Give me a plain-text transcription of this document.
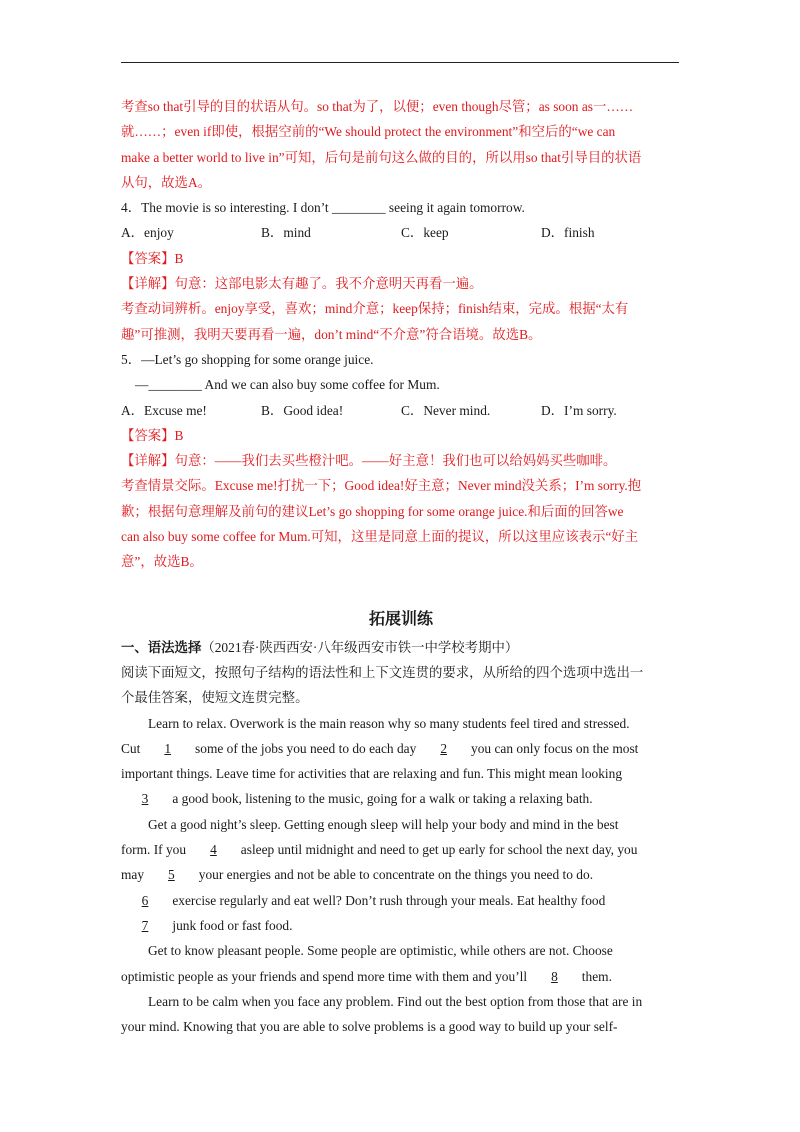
考查so that引导的目的状语从句。so that为了，以便；even though尽管；as soon as一……
就……；even if即使，根据空前的“We should protect the environment”和空后的“we can
make a better world to live in”可知，后句是前句这么做的目的，所以用so that引导目的状语
从句，故选A。
4．The movie is so interesting. I don’t ________ seeing it again tomorrow.
A．enjoy	B．mind	C．keep	D．finish
【答案】B
【详解】句意：这部电影太有趣了。我不介意明天再看一遍。
考查动词辨析。enjoy享受，喜欢；mind介意；keep保持；finish结束，完成。根据“太有
趣”可推测，我明天要再看一遍，don’t mind“不介意”符合语境。故选B。
5．—Let’s go shopping for some orange juice.
—________ And we can also buy some coffee for Mum.
A．Excuse me!	B．Good idea!	C．Never mind.	D．I’m sorry.
【答案】B
【详解】句意：——我们去买些橙汁吧。——好主意！我们也可以给妈妈买些咖啡。
考查情景交际。Excuse me!打扰一下；Good idea!好主意；Never mind没关系；I’m sorry.抱
歉；根据句意理解及前句的建议Let’s go shopping for some orange juice.和后面的回答we
can also buy some coffee for Mum.可知，这里是同意上面的提议，所以这里应该表示“好主
意”，故选B。
拓展训练
一、语法选择（2021春·陕西西安·八年级西安市铁一中学校考期中）
阅读下面短文，按照句子结构的语法性和上下文连贯的要求，从所给的四个选项中选出一
个最佳答案，使短文连贯完整。
Learn to relax. Overwork is the main reason why so many students feel tired and stressed.
Cut 1 some of the jobs you need to do each day 2 you can only focus on the most
important things. Leave time for activities that are relaxing and fun. This might mean looking
3 a good book, listening to the music, going for a walk or taking a relaxing bath.
Get a good night’s sleep. Getting enough sleep will help your body and mind in the best
form. If you 4 asleep until midnight and need to get up early for school the next day, you
may 5 your energies and not be able to concentrate on the things you need to do.
6 exercise regularly and eat well? Don’t rush through your meals. Eat healthy food
7 junk food or fast food.
Get to know pleasant people. Some people are optimistic, while others are not. Choose
optimistic people as your friends and spend more time with them and you’ll 8 them.
Learn to be calm when you face any problem. Find out the best option from those that are in
your mind. Knowing that you are able to solve problems is a good way to build up your self-
